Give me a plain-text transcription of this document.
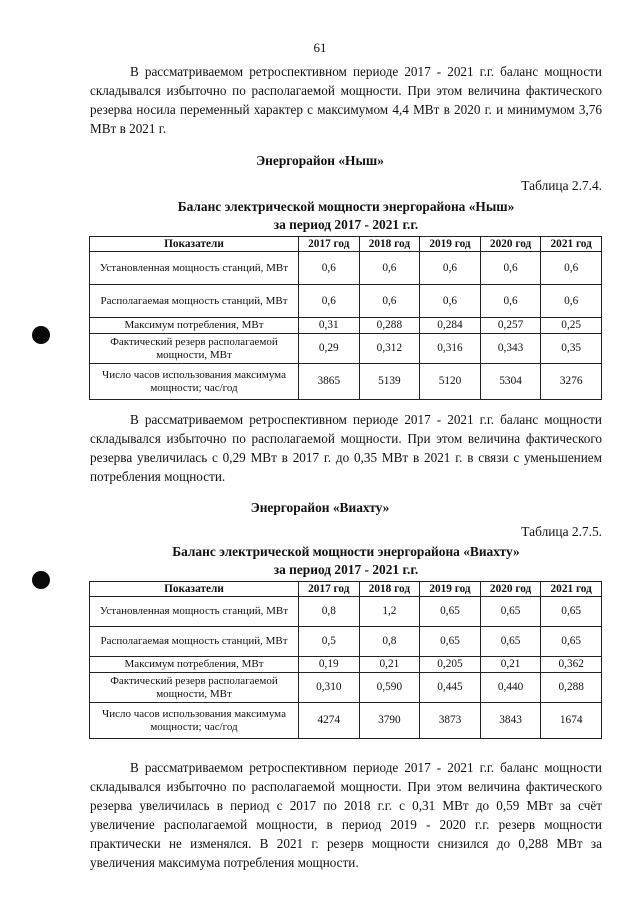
61

В рассматриваемом ретроспективном периоде 2017 - 2021 г.г. баланс мощности складывался избыточно по располагаемой мощности. При этом величина фактического резерва носила переменный характер с максимумом 4,4 МВт в 2020 г. и минимумом 3,76 МВт в 2021 г.

Энергорайон «Ныш»
Таблица 2.7.4.
Баланс электрической мощности энергорайона «Ныш»
за период 2017 - 2021 г.г.
Показатели	2017 год	2018 год	2019 год	2020 год	2021 год
Установленная мощность станций, МВт	0,6	0,6	0,6	0,6	0,6
Располагаемая мощность станций, МВт	0,6	0,6	0,6	0,6	0,6
Максимум потребления, МВт	0,31	0,288	0,284	0,257	0,25
Фактический резерв располагаемой мощности, МВт	0,29	0,312	0,316	0,343	0,35
Число часов использования максимума мощности; час/год	3865	5139	5120	5304	3276

В рассматриваемом ретроспективном периоде 2017 - 2021 г.г. баланс мощности складывался избыточно по располагаемой мощности. При этом величина фактического резерва увеличилась с 0,29 МВт в 2017 г. до 0,35 МВт в 2021 г. в связи с уменьшением потребления мощности.

Энергорайон «Виахту»
Таблица 2.7.5.
Баланс электрической мощности энергорайона «Виахту»
за период 2017 - 2021 г.г.
Показатели	2017 год	2018 год	2019 год	2020 год	2021 год
Установленная мощность станций, МВт	0,8	1,2	0,65	0,65	0,65
Располагаемая мощность станций, МВт	0,5	0,8	0,65	0,65	0,65
Максимум потребления, МВт	0,19	0,21	0,205	0,21	0,362
Фактический резерв располагаемой мощности, МВт	0,310	0,590	0,445	0,440	0,288
Число часов использования максимума мощности; час/год	4274	3790	3873	3843	1674

В рассматриваемом ретроспективном периоде 2017 - 2021 г.г. баланс мощности складывался избыточно по располагаемой мощности. При этом величина фактического резерва увеличилась в период с 2017 по 2018 г.г. с 0,31 МВт до 0,59 МВт за счёт увеличение располагаемой мощности, в период 2019 - 2020 г.г. резерв мощности практически не изменялся. В 2021 г. резерв мощности снизился до 0,288 МВт за увеличения максимума потребления мощности.
